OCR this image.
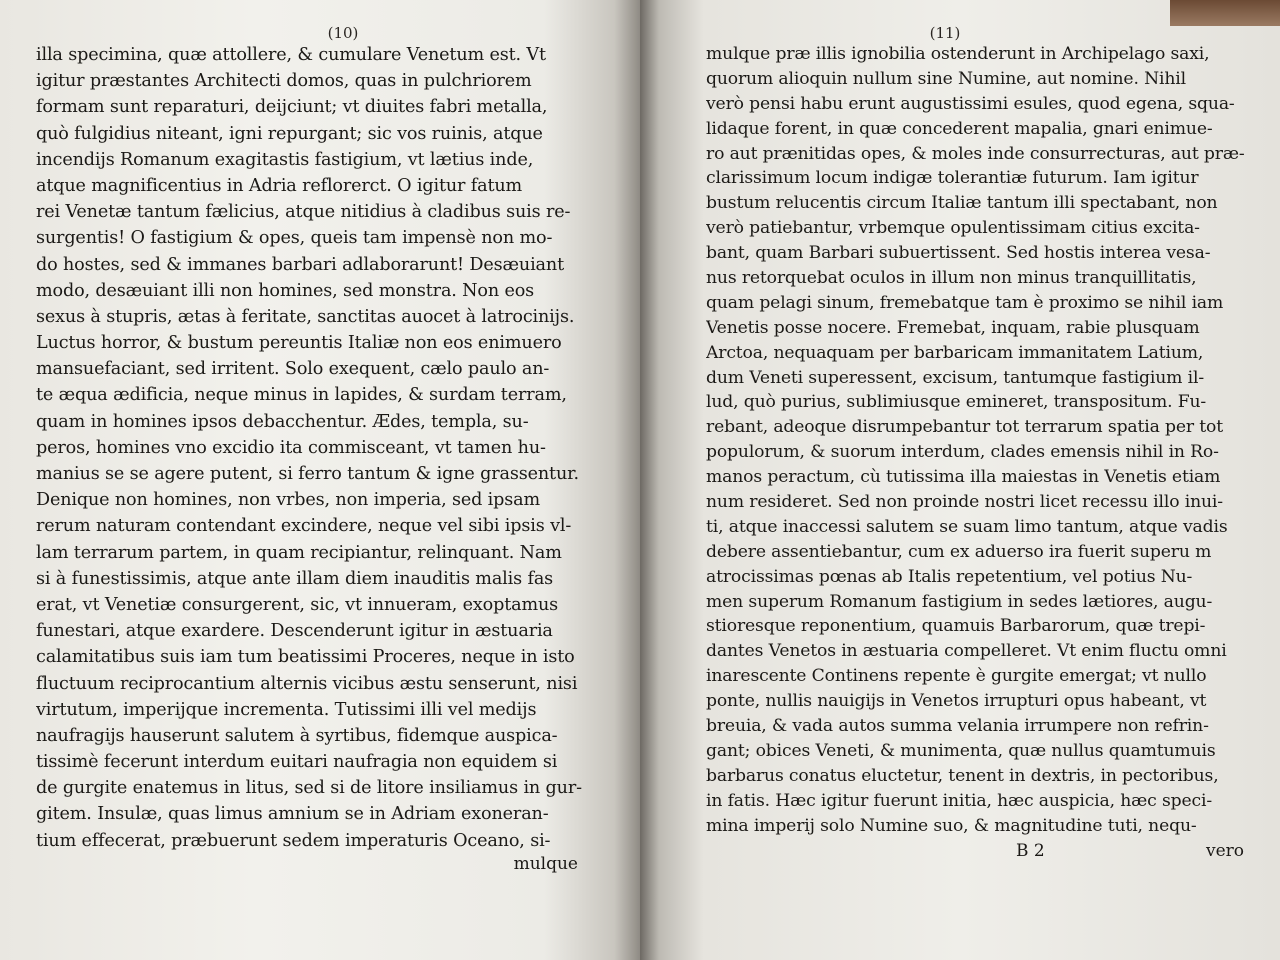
(10)
illa specimina, quæ attollere, & cumulare Venetum est. Vt
igitur præstantes Architecti domos, quas in pulchriorem
formam sunt reparaturi, deijciunt; vt diuites fabri metalla,
quò fulgidius niteant, igni repurgant; sic vos ruinis, atque
incendijs Romanum exagitastis fastigium, vt lætius inde,
atque magnificentius in Adria reflorerct. O igitur fatum
rei Venetæ tantum fælicius, atque nitidius à cladibus suis re-
surgentis! O fastigium & opes, queis tam impensè non mo-
do hostes, sed & immanes barbari adlaborarunt! Desæuiant
modo, desæuiant illi non homines, sed monstra. Non eos
sexus à stupris, ætas à feritate, sanctitas auocet à latrocinijs.
Luctus horror, & bustum pereuntis Italiæ non eos enimuero
mansuefaciant, sed irritent. Solo exequent, cælo paulo an-
te æqua ædificia, neque minus in lapides, & surdam terram,
quam in homines ipsos debacchentur. Ædes, templa, su-
peros, homines vno excidio ita commisceant, vt tamen hu-
manius se se agere putent, si ferro tantum & igne grassentur.
Denique non homines, non vrbes, non imperia, sed ipsam
rerum naturam contendant excindere, neque vel sibi ipsis vl-
lam terrarum partem, in quam recipiantur, relinquant. Nam
si à funestissimis, atque ante illam diem inauditis malis fas
erat, vt Venetiæ consurgerent, sic, vt innueram, exoptamus
funestari, atque exardere. Descenderunt igitur in æstuaria
calamitatibus suis iam tum beatissimi Proceres, neque in isto
fluctuum reciprocantium alternis vicibus æstu senserunt, nisi
virtutum, imperijque incrementa. Tutissimi illi vel medijs
naufragijs hauserunt salutem à syrtibus, fidemque auspica-
tissimè fecerunt interdum euitari naufragia non equidem si
de gurgite enatemus in litus, sed si de litore insiliamus in gur-
gitem. Insulæ, quas limus amnium se in Adriam exoneran-
tium effecerat, præbuerunt sedem imperaturis Oceano, si-
mulque
(11)
mulque præ illis ignobilia ostenderunt in Archipelago saxi,
quorum alioquin nullum sine Numine, aut nomine. Nihil
verò pensi habu erunt augustissimi esules, quod egena, squa-
lidaque forent, in quæ concederent mapalia, gnari enimue-
ro aut prænitidas opes, & moles inde consurrecturas, aut præ-
clarissimum locum indigæ tolerantiæ futurum. Iam igitur
bustum relucentis circum Italiæ tantum illi spectabant, non
verò patiebantur, vrbemque opulentissimam citius excita-
bant, quam Barbari subuertissent. Sed hostis interea vesa-
nus retorquebat oculos in illum non minus tranquillitatis,
quam pelagi sinum, fremebatque tam è proximo se nihil iam
Venetis posse nocere. Fremebat, inquam, rabie plusquam
Arctoa, nequaquam per barbaricam immanitatem Latium,
dum Veneti superessent, excisum, tantumque fastigium il-
lud, quò purius, sublimiusque emineret, transpositum. Fu-
rebant, adeoque disrumpebantur tot terrarum spatia per tot
populorum, & suorum interdum, clades emensis nihil in Ro-
manos peractum, cù tutissima illa maiestas in Venetis etiam
num resideret. Sed non proinde nostri licet recessu illo inui-
ti, atque inaccessi salutem se suam limo tantum, atque vadis
debere assentiebantur, cum ex aduerso ira fuerit superu m
atrocissimas pœnas ab Italis repetentium, vel potius Nu-
men superum Romanum fastigium in sedes lætiores, augu-
stioresque reponentium, quamuis Barbarorum, quæ trepi-
dantes Venetos in æstuaria compelleret. Vt enim fluctu omni
inarescente Continens repente è gurgite emergat; vt nullo
ponte, nullis nauigijs in Venetos irrupturi opus habeant, vt
breuia, & vada autos summa velania irrumpere non refrin-
gant; obices Veneti, & munimenta, quæ nullus quamtumuis
barbarus conatus eluctetur, tenent in dextris, in pectoribus,
in fatis. Hæc igitur fuerunt initia, hæc auspicia, hæc speci-
mina imperij solo Numine suo, & magnitudine tuti, nequ-
B 2	vero
